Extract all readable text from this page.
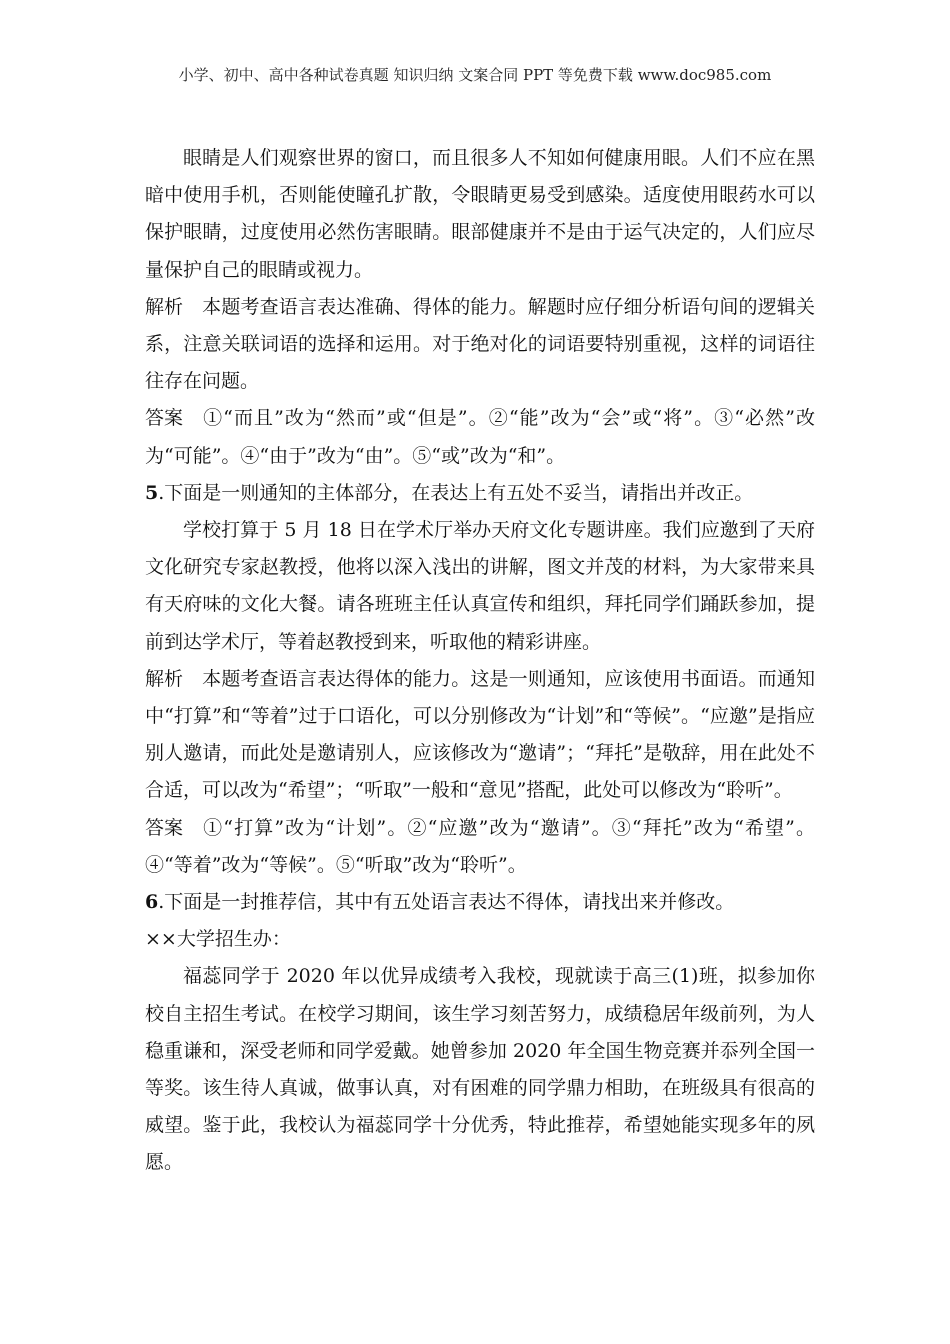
小学、初中、高中各种试卷真题 知识归纳 文案合同 PPT 等免费下载 www.doc985.com

眼睛是人们观察世界的窗口，而且很多人不知如何健康用眼。人们不应在黑暗中使用手机，否则能使瞳孔扩散，令眼睛更易受到感染。适度使用眼药水可以保护眼睛，过度使用必然伤害眼睛。眼部健康并不是由于运气决定的，人们应尽量保护自己的眼睛或视力。

解析 本题考查语言表达准确、得体的能力。解题时应仔细分析语句间的逻辑关系，注意关联词语的选择和运用。对于绝对化的词语要特别重视，这样的词语往往存在问题。

答案 ①“而且”改为“然而”或“但是”。②“能”改为“会”或“将”。③“必然”改为“可能”。④“由于”改为“由”。⑤“或”改为“和”。

5.下面是一则通知的主体部分，在表达上有五处不妥当，请指出并改正。

学校打算于 5 月 18 日在学术厅举办天府文化专题讲座。我们应邀到了天府文化研究专家赵教授，他将以深入浅出的讲解，图文并茂的材料，为大家带来具有天府味的文化大餐。请各班班主任认真宣传和组织，拜托同学们踊跃参加，提前到达学术厅，等着赵教授到来，听取他的精彩讲座。

解析 本题考查语言表达得体的能力。这是一则通知，应该使用书面语。而通知中“打算”和“等着”过于口语化，可以分别修改为“计划”和“等候”。“应邀”是指应别人邀请，而此处是邀请别人，应该修改为“邀请”；“拜托”是敬辞，用在此处不合适，可以改为“希望”；“听取”一般和“意见”搭配，此处可以修改为“聆听”。

答案 ①“打算”改为“计划”。②“应邀”改为“邀请”。③“拜托”改为“希望”。④“等着”改为“等候”。⑤“听取”改为“聆听”。

6.下面是一封推荐信，其中有五处语言表达不得体，请找出来并修改。

××大学招生办：

福蕊同学于 2020 年以优异成绩考入我校，现就读于高三(1)班，拟参加你校自主招生考试。在校学习期间，该生学习刻苦努力，成绩稳居年级前列，为人稳重谦和，深受老师和同学爱戴。她曾参加 2020 年全国生物竞赛并忝列全国一等奖。该生待人真诚，做事认真，对有困难的同学鼎力相助，在班级具有很高的威望。鉴于此，我校认为福蕊同学十分优秀，特此推荐，希望她能实现多年的夙愿。
